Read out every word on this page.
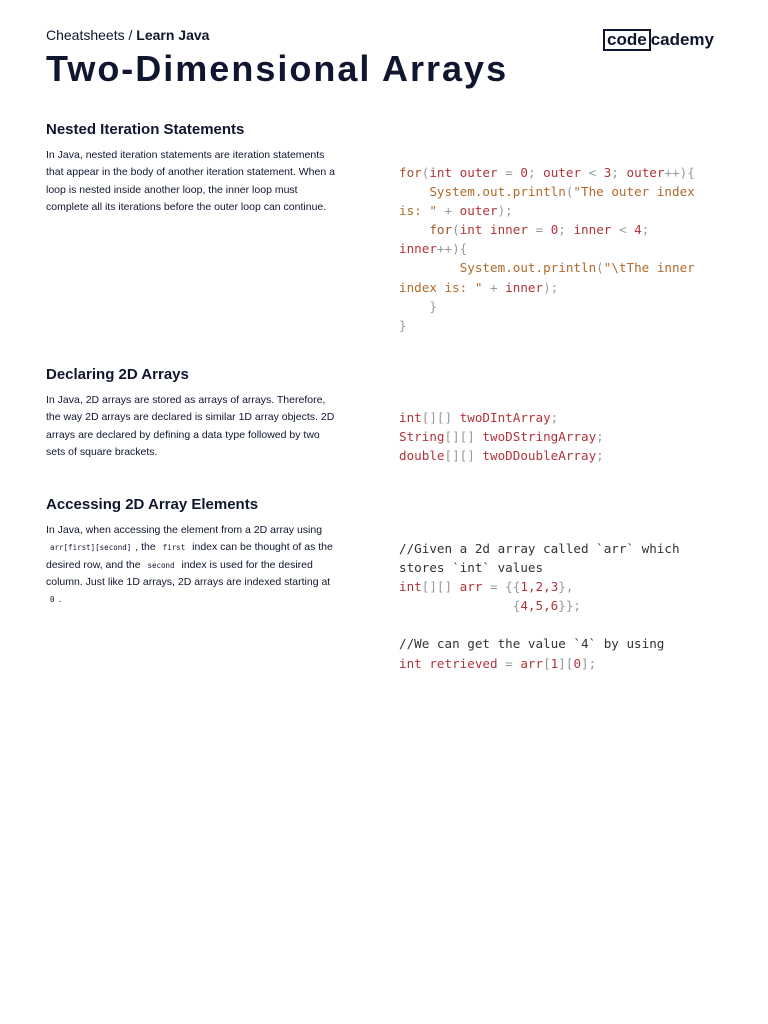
Cheatsheets / Learn Java	code cademy
Two-Dimensional Arrays
Nested Iteration Statements
In Java, nested iteration statements are iteration statements that appear in the body of another iteration statement. When a loop is nested inside another loop, the inner loop must complete all its iterations before the outer loop can continue.
for(int outer = 0; outer < 3; outer++){
System.out.println("The outer index
is: " + outer);
for(int inner = 0; inner < 4;
inner++){
System.out.println("\tThe inner
index is: " + inner);
}
}
Declaring 2D Arrays
In Java, 2D arrays are stored as arrays of arrays. Therefore, the way 2D arrays are declared is similar 1D array objects. 2D arrays are declared by defining a data type followed by two sets of square brackets.
int[][] twoDIntArray;
String[][] twoDStringArray;
double[][] twoDDoubleArray;
Accessing 2D Array Elements
In Java, when accessing the element from a 2D array using arr[first][second] , the first index can be thought of as the desired row, and the second index is used for the desired column. Just like 1D arrays, 2D arrays are indexed starting at 0 .
//Given a 2d array called `arr` which
stores `int` values
int[][] arr = {{1,2,3},
{4,5,6}};

//We can get the value `4` by using
int retrieved = arr[1][0];
